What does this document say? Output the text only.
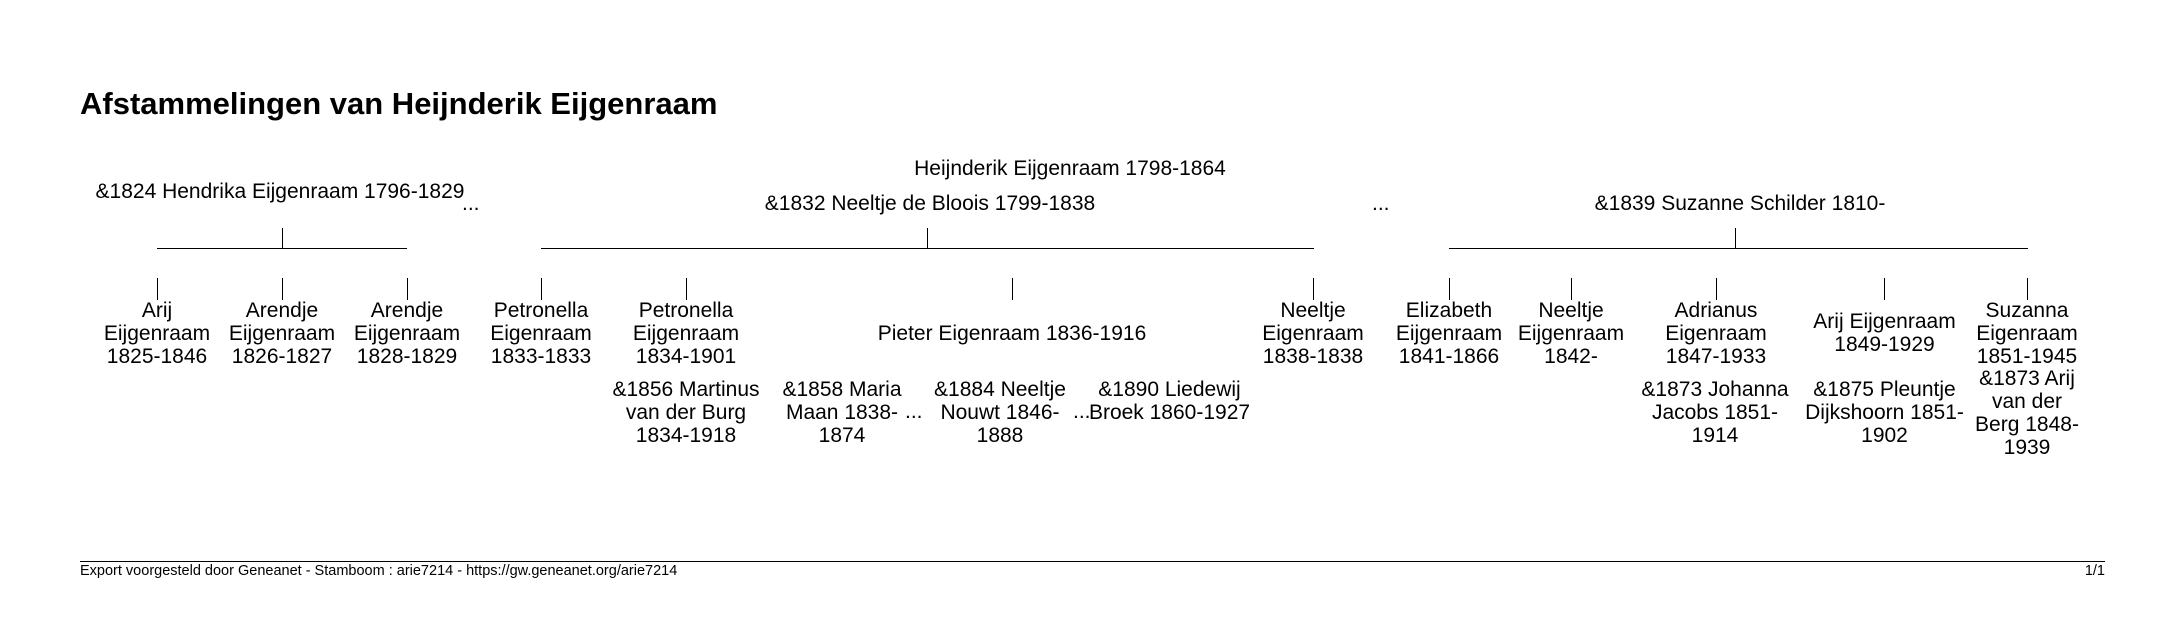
Afstammelingen van Heijnderik Eijgenraam
Heijnderik Eijgenraam 1798-1864
&1824 Hendrika Eijgenraam 1796-1829
...	&1832 Neeltje de Bloois 1799-1838	...	&1839 Suzanne Schilder 1810-
Arij Eijgenraam 1825-1846
Arendje Eijgenraam 1826-1827
Arendje Eijgenraam 1828-1829
Petronella Eigenraam 1833-1833
Petronella Eijgenraam 1834-1901
Pieter Eigenraam 1836-1916
Neeltje Eigenraam 1838-1838
Elizabeth Eijgenraam 1841-1866
Neeltje Eijgenraam 1842-
Adrianus Eigenraam 1847-1933
Arij Eijgenraam 1849-1929
Suzanna Eigenraam 1851-1945
&1856 Martinus van der Burg 1834-1918
&1858 Maria Maan 1838-1874
...
&1884 Neeltje Nouwt 1846-1888
...
&1890 Liedewij Broek 1860-1927
&1873 Johanna Jacobs 1851-1914
&1875 Pleuntje Dijkshoorn 1851-1902
&1873 Arij van der Berg 1848-1939
Export voorgesteld door Geneanet - Stamboom : arie7214 - https://gw.geneanet.org/arie7214	1/1
